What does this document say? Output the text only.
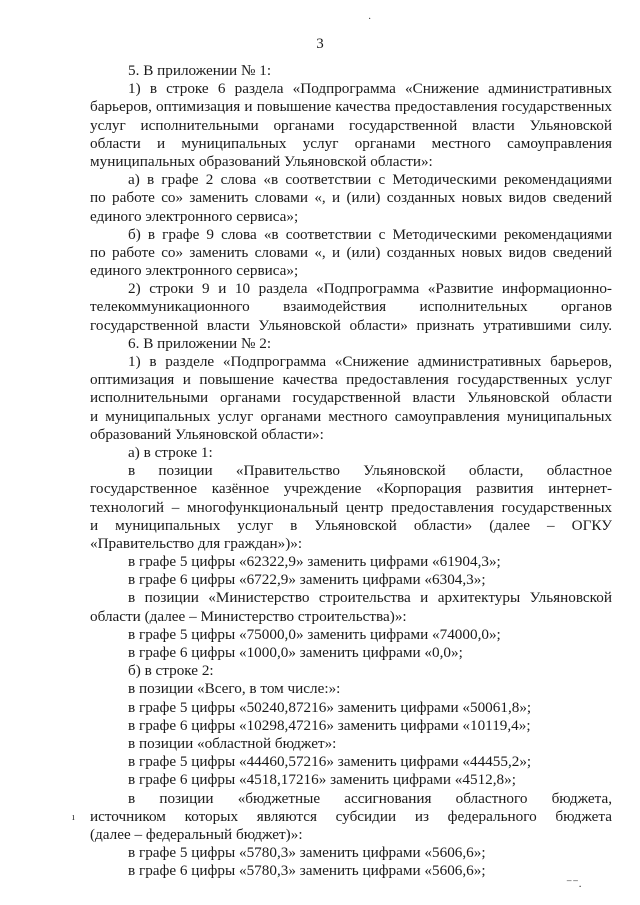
3
5. В приложении № 1:
1) в строке 6 раздела «Подпрограмма «Снижение административных
барьеров, оптимизация и повышение качества предоставления государственных
услуг исполнительными органами государственной власти Ульяновской
области и муниципальных услуг органами местного самоуправления
муниципальных образований Ульяновской области»:
а) в графе 2 слова «в соответствии с Методическими рекомендациями
по работе со» заменить словами «, и (или) созданных новых видов сведений
единого электронного сервиса»;
б) в графе 9 слова «в соответствии с Методическими рекомендациями
по работе со» заменить словами «, и (или) созданных новых видов сведений
единого электронного сервиса»;
2) строки 9 и 10 раздела «Подпрограмма «Развитие информационно-
телекоммуникационного взаимодействия исполнительных органов
государственной власти Ульяновской области» признать утратившими силу.
6. В приложении № 2:
1) в разделе «Подпрограмма «Снижение административных барьеров,
оптимизация и повышение качества предоставления государственных услуг
исполнительными органами государственной власти Ульяновской области
и муниципальных услуг органами местного самоуправления муниципальных
образований Ульяновской области»:
а) в строке 1:
в позиции «Правительство Ульяновской области, областное
государственное казённое учреждение «Корпорация развития интернет-
технологий – многофункциональный центр предоставления государственных
и муниципальных услуг в Ульяновской области» (далее – ОГКУ
«Правительство для граждан»)»:
в графе 5 цифры «62322,9» заменить цифрами «61904,3»;
в графе 6 цифры «6722,9» заменить цифрами «6304,3»;
в позиции «Министерство строительства и архитектуры Ульяновской
области (далее – Министерство строительства)»:
в графе 5 цифры «75000,0» заменить цифрами «74000,0»;
в графе 6 цифры «1000,0» заменить цифрами «0,0»;
б) в строке 2:
в позиции «Всего, в том числе:»:
в графе 5 цифры «50240,87216» заменить цифрами «50061,8»;
в графе 6 цифры «10298,47216» заменить цифрами «10119,4»;
в позиции «областной бюджет»:
в графе 5 цифры «44460,57216» заменить цифрами «44455,2»;
в графе 6 цифры «4518,17216» заменить цифрами «4512,8»;
в позиции «бюджетные ассигнования областного бюджета,
источником которых являются субсидии из федерального бюджета
(далее – федеральный бюджет)»:
в графе 5 цифры «5780,3» заменить цифрами «5606,6»;
в графе 6 цифры «5780,3» заменить цифрами «5606,6»;
·
ı
⁻⁻.
